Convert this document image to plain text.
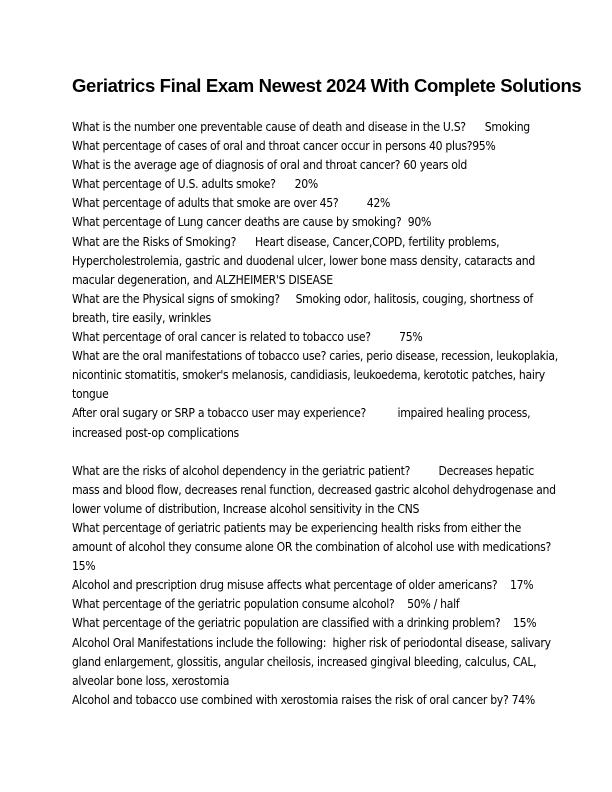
Geriatrics Final Exam Newest 2024 With Complete Solutions

What is the number one preventable cause of death and disease in the U.S? Smoking

What percentage of cases of oral and throat cancer occur in persons 40 plus?95%

What is the average age of diagnosis of oral and throat cancer? 60 years old

What percentage of U.S. adults smoke? 20%

What percentage of adults that smoke are over 45? 42%

What percentage of Lung cancer deaths are cause by smoking? 90%

What are the Risks of Smoking? Heart disease, Cancer,COPD, fertility problems, Hypercholestrolemia, gastric and duodenal ulcer, lower bone mass density, cataracts and macular degeneration, and ALZHEIMER'S DISEASE

What are the Physical signs of smoking? Smoking odor, halitosis, couging, shortness of breath, tire easily, wrinkles

What percentage of oral cancer is related to tobacco use? 75%

What are the oral manifestations of tobacco use? caries, perio disease, recession, leukoplakia, nicontinic stomatitis, smoker's melanosis, candidiasis, leukoedema, kerototic patches, hairy tongue

After oral sugary or SRP a tobacco user may experience?	impaired healing process, increased post-op complications

What are the risks of alcohol dependency in the geriatric patient? Decreases hepatic mass and blood flow, decreases renal function, decreased gastric alcohol dehydrogenase and lower volume of distribution, Increase alcohol sensitivity in the CNS

What percentage of geriatric patients may be experiencing health risks from either the amount of alcohol they consume alone OR the combination of alcohol use with medications?          15%

Alcohol and prescription drug misuse affects what percentage of older americans? 17%

What percentage of the geriatric population consume alcohol? 50% / half

What percentage of the geriatric population are classified with a drinking problem? 15%

Alcohol Oral Manifestations include the following: higher risk of periodontal disease, salivary gland enlargement, glossitis, angular cheilosis, increased gingival bleeding, calculus, CAL, alveolar bone loss, xerostomia

Alcohol and tobacco use combined with xerostomia raises the risk of oral cancer by? 74%
